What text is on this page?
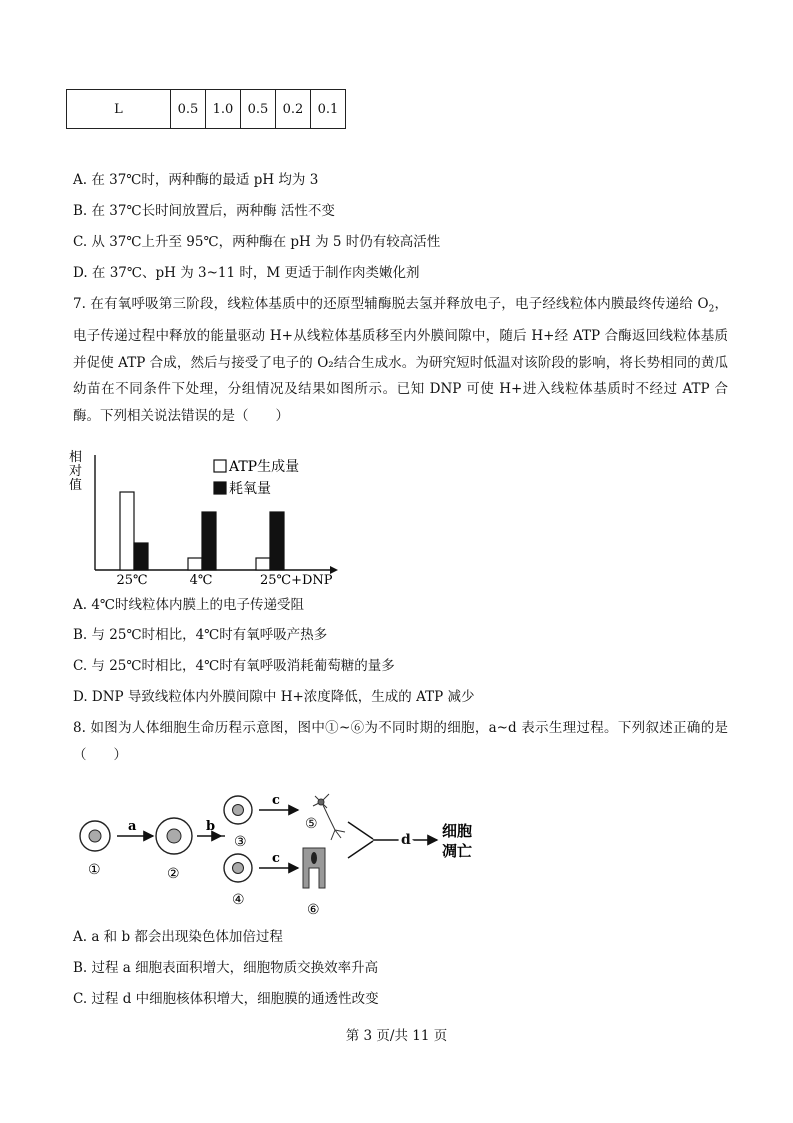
L	0.5	1.0	0.5	0.2	0.1
A. 在 37℃时，两种酶的最适 pH 均为 3
B. 在 37℃长时间放置后，两种酶 活性不变
C. 从 37℃上升至 95℃，两种酶在 pH 为 5 时仍有较高活性
D. 在 37℃、pH 为 3~11 时，M 更适于制作肉类嫩化剂
7. 在有氧呼吸第三阶段，线粒体基质中的还原型辅酶脱去氢并释放电子，电子经线粒体内膜最终传递给 $O_2$，电子传递过程中释放的能量驱动 H+从线粒体基质移至内外膜间隙中，随后 H+经 ATP 合酶返回线粒体基质并促使 ATP 合成，然后与接受了电子的 O₂结合生成水。为研究短时低温对该阶段的影响，将长势相同的黄瓜幼苗在不同条件下处理，分组情况及结果如图所示。已知 DNP 可使 H+进入线粒体基质时不经过 ATP 合酶。下列相关说法错误的是（　　）
相对值
ATP生成量
耗氧量
25℃	4℃	25℃+DNP
A. 4℃时线粒体内膜上的电子传递受阻
B. 与 25℃时相比，4℃时有氧呼吸产热多
C. 与 25℃时相比，4℃时有氧呼吸消耗葡萄糖的量多
D. DNP 导致线粒体内外膜间隙中 H+浓度降低，生成的 ATP 减少
8. 如图为人体细胞生命历程示意图，图中①~⑥为不同时期的细胞，a~d 表示生理过程。下列叙述正确的是（　　）
①
a
②
b
③
④
c
c
⑤
⑥
d 细胞
凋亡
A. a 和 b 都会出现染色体加倍过程
B. 过程 a 细胞表面积增大，细胞物质交换效率升高
C. 过程 d 中细胞核体积增大，细胞膜的通透性改变
第 3 页/共 11 页
